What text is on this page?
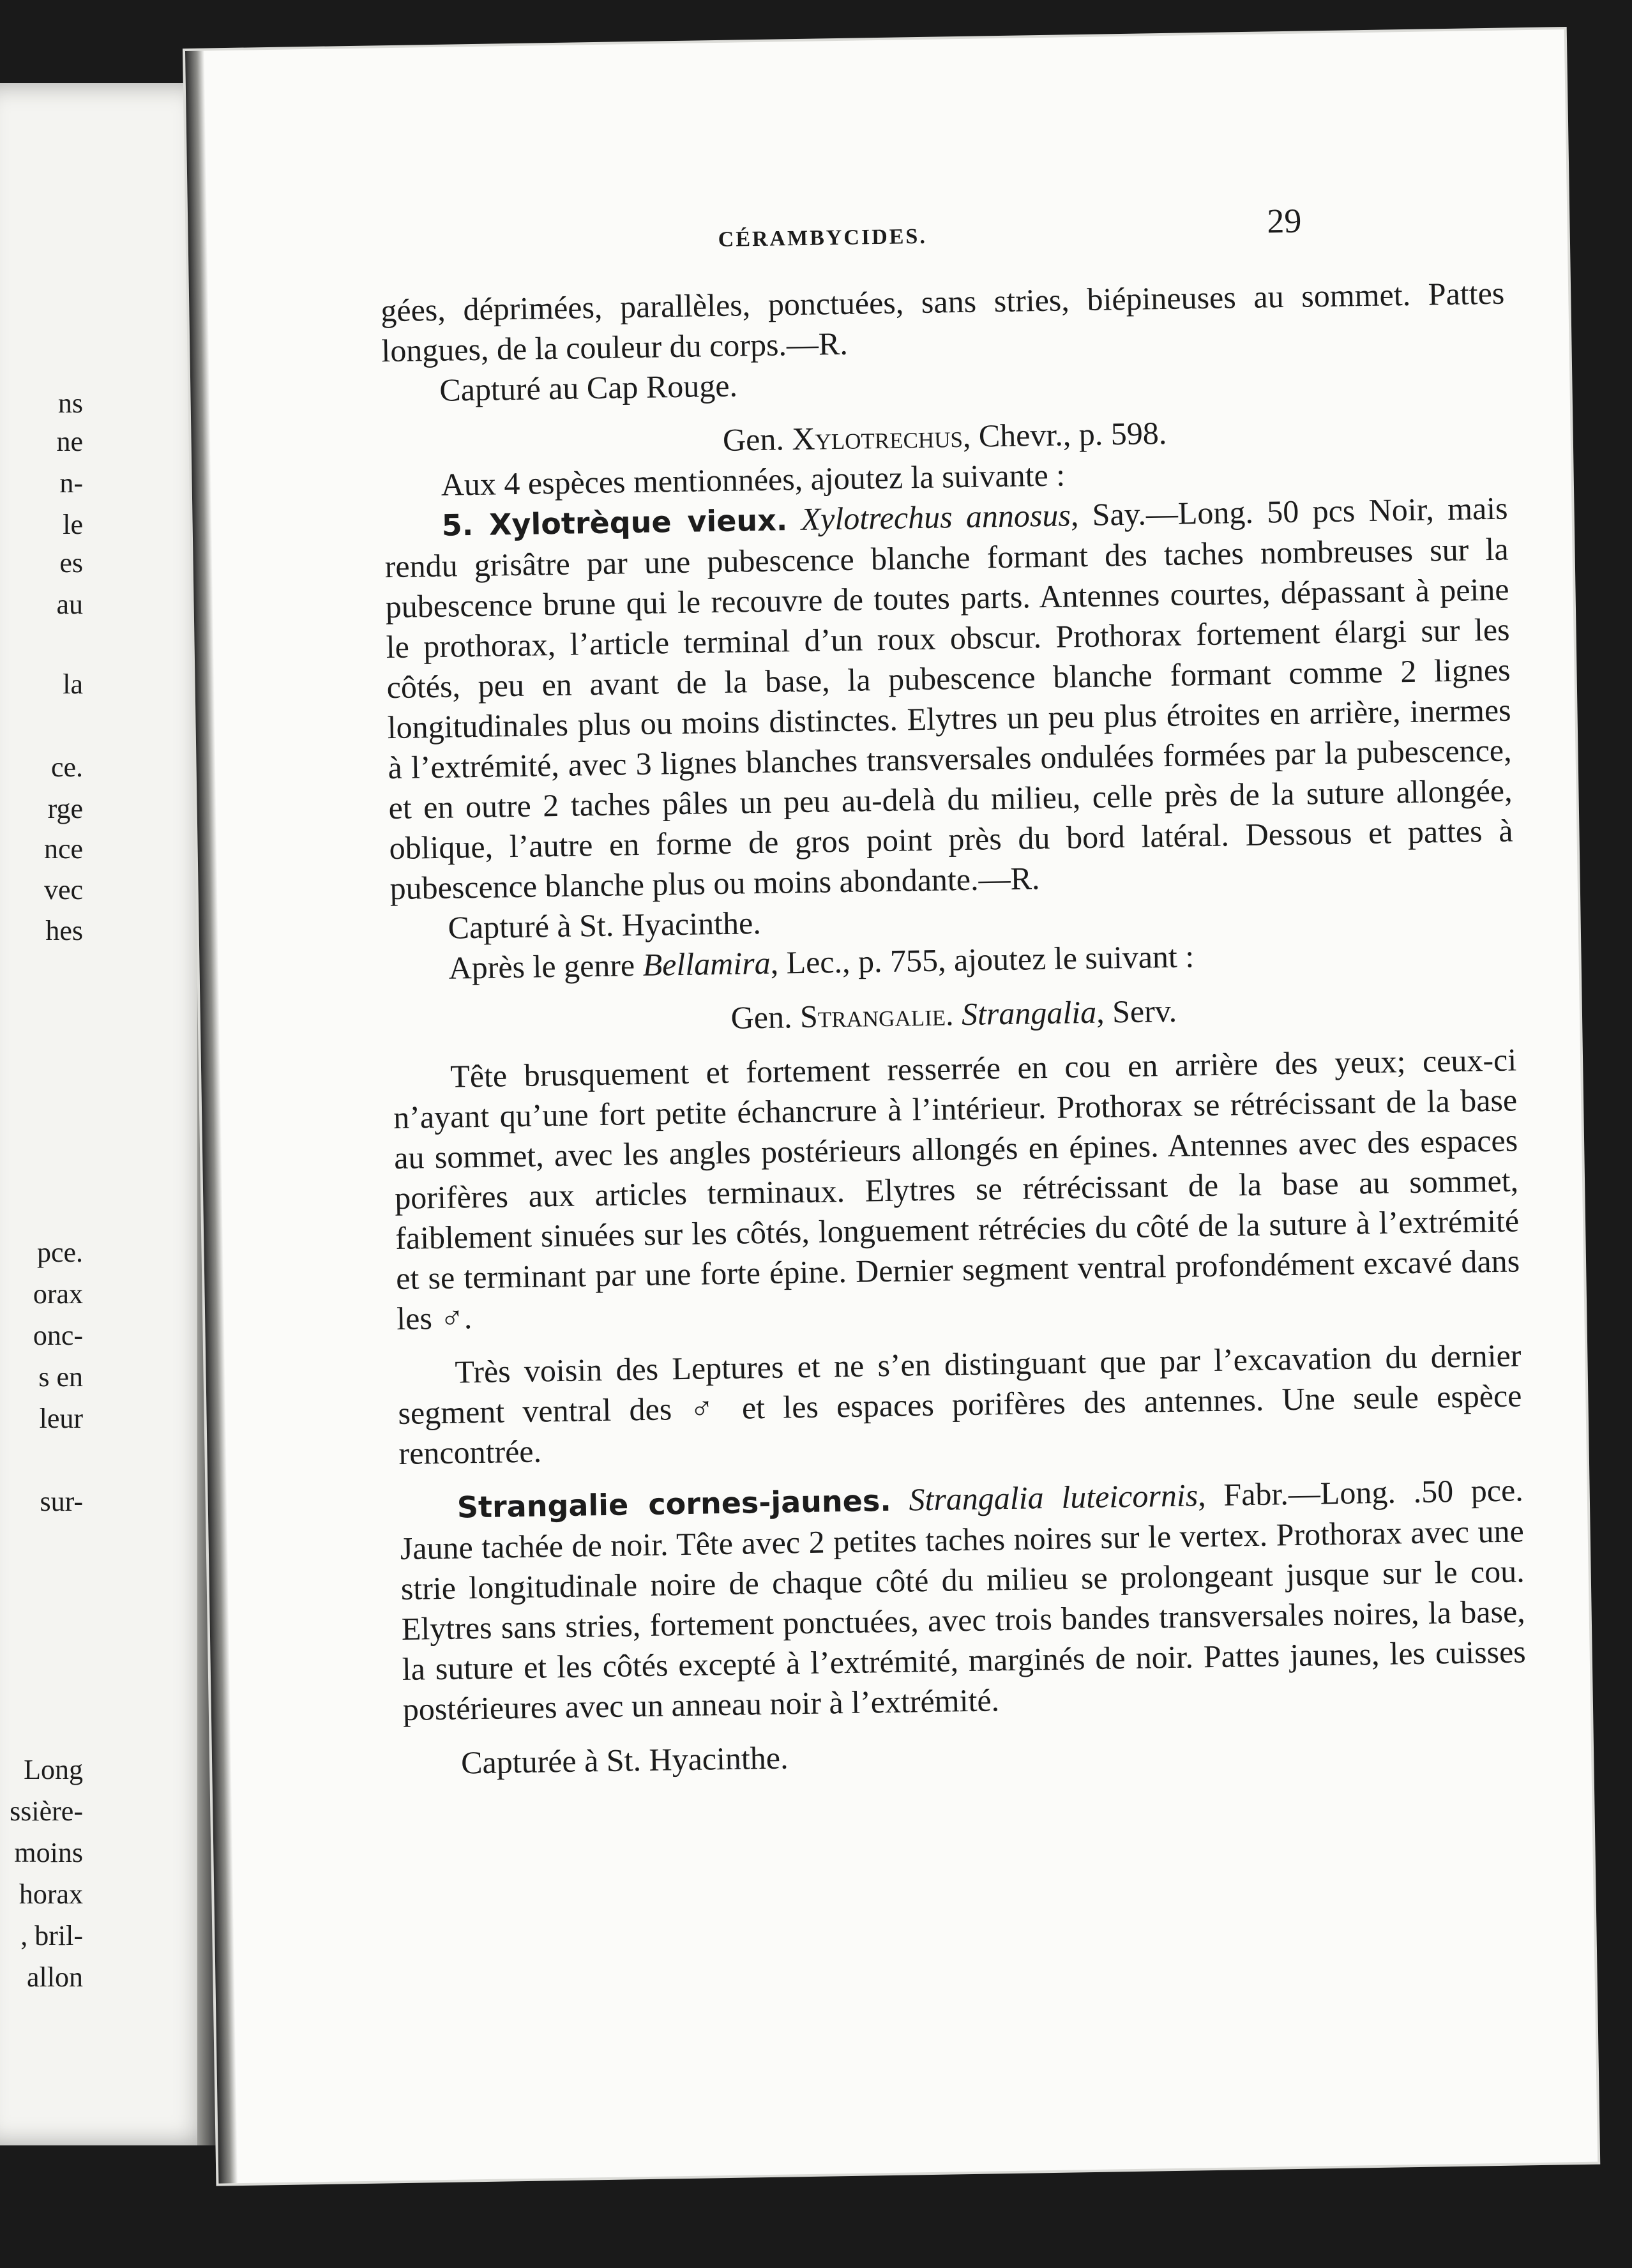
ns
ne
n-
le
es
au
la
ce.
rge
nce
vec
hes
pce.
orax
onc-
s en
leur
sur-
Long
ssière-
moins
horax
, bril-
allon
CÉRAMBYCIDES.	29

gées, déprimées, parallèles, ponctuées, sans stries, biépineuses au sommet. Pattes longues, de la couleur du corps.—R.

Capturé au Cap Rouge.

Gen. Xylotrechus, Chevr., p. 598.

Aux 4 espèces mentionnées, ajoutez la suivante :

5. Xylotrèque vieux. Xylotrechus annosus, Say.—Long. 50 pcs Noir, mais rendu grisâtre par une pubescence blanche formant des taches nombreuses sur la pubescence brune qui le recouvre de toutes parts. Antennes courtes, dépassant à peine le prothorax, l’article terminal d’un roux obscur. Prothorax fortement élargi sur les côtés, peu en avant de la base, la pubescence blanche formant comme 2 lignes longitudinales plus ou moins distinctes. Elytres un peu plus étroites en arrière, inermes à l’extrémité, avec 3 lignes blanches transversales ondulées formées par la pubescence, et en outre 2 taches pâles un peu au-delà du milieu, celle près de la suture allongée, oblique, l’autre en forme de gros point près du bord latéral. Dessous et pattes à pubescence blanche plus ou moins abondante.—R.

Capturé à St. Hyacinthe.

Après le genre Bellamira, Lec., p. 755, ajoutez le suivant :

Gen. Strangalie. Strangalia, Serv.

Tête brusquement et fortement resserrée en cou en arrière des yeux; ceux-ci n’ayant qu’une fort petite échancrure à l’intérieur. Prothorax se rétrécissant de la base au sommet, avec les angles postérieurs allongés en épines. Antennes avec des espaces porifères aux articles terminaux. Elytres se rétrécissant de la base au sommet, faiblement sinuées sur les côtés, longuement rétrécies du côté de la suture à l’extrémité et se terminant par une forte épine. Dernier segment ventral profondément excavé dans les ♂.

Très voisin des Leptures et ne s’en distinguant que par l’excavation du dernier segment ventral des ♂ et les espaces porifères des antennes. Une seule espèce rencontrée.

Strangalie cornes-jaunes. Strangalia luteicornis, Fabr.—Long. .50 pce. Jaune tachée de noir. Tête avec 2 petites taches noires sur le vertex. Prothorax avec une strie longitudinale noire de chaque côté du milieu se prolongeant jusque sur le cou. Elytres sans stries, fortement ponctuées, avec trois bandes transversales noires, la base, la suture et les côtés excepté à l’extrémité, marginés de noir. Pattes jaunes, les cuisses postérieures avec un anneau noir à l’extrémité.

Capturée à St. Hyacinthe.
